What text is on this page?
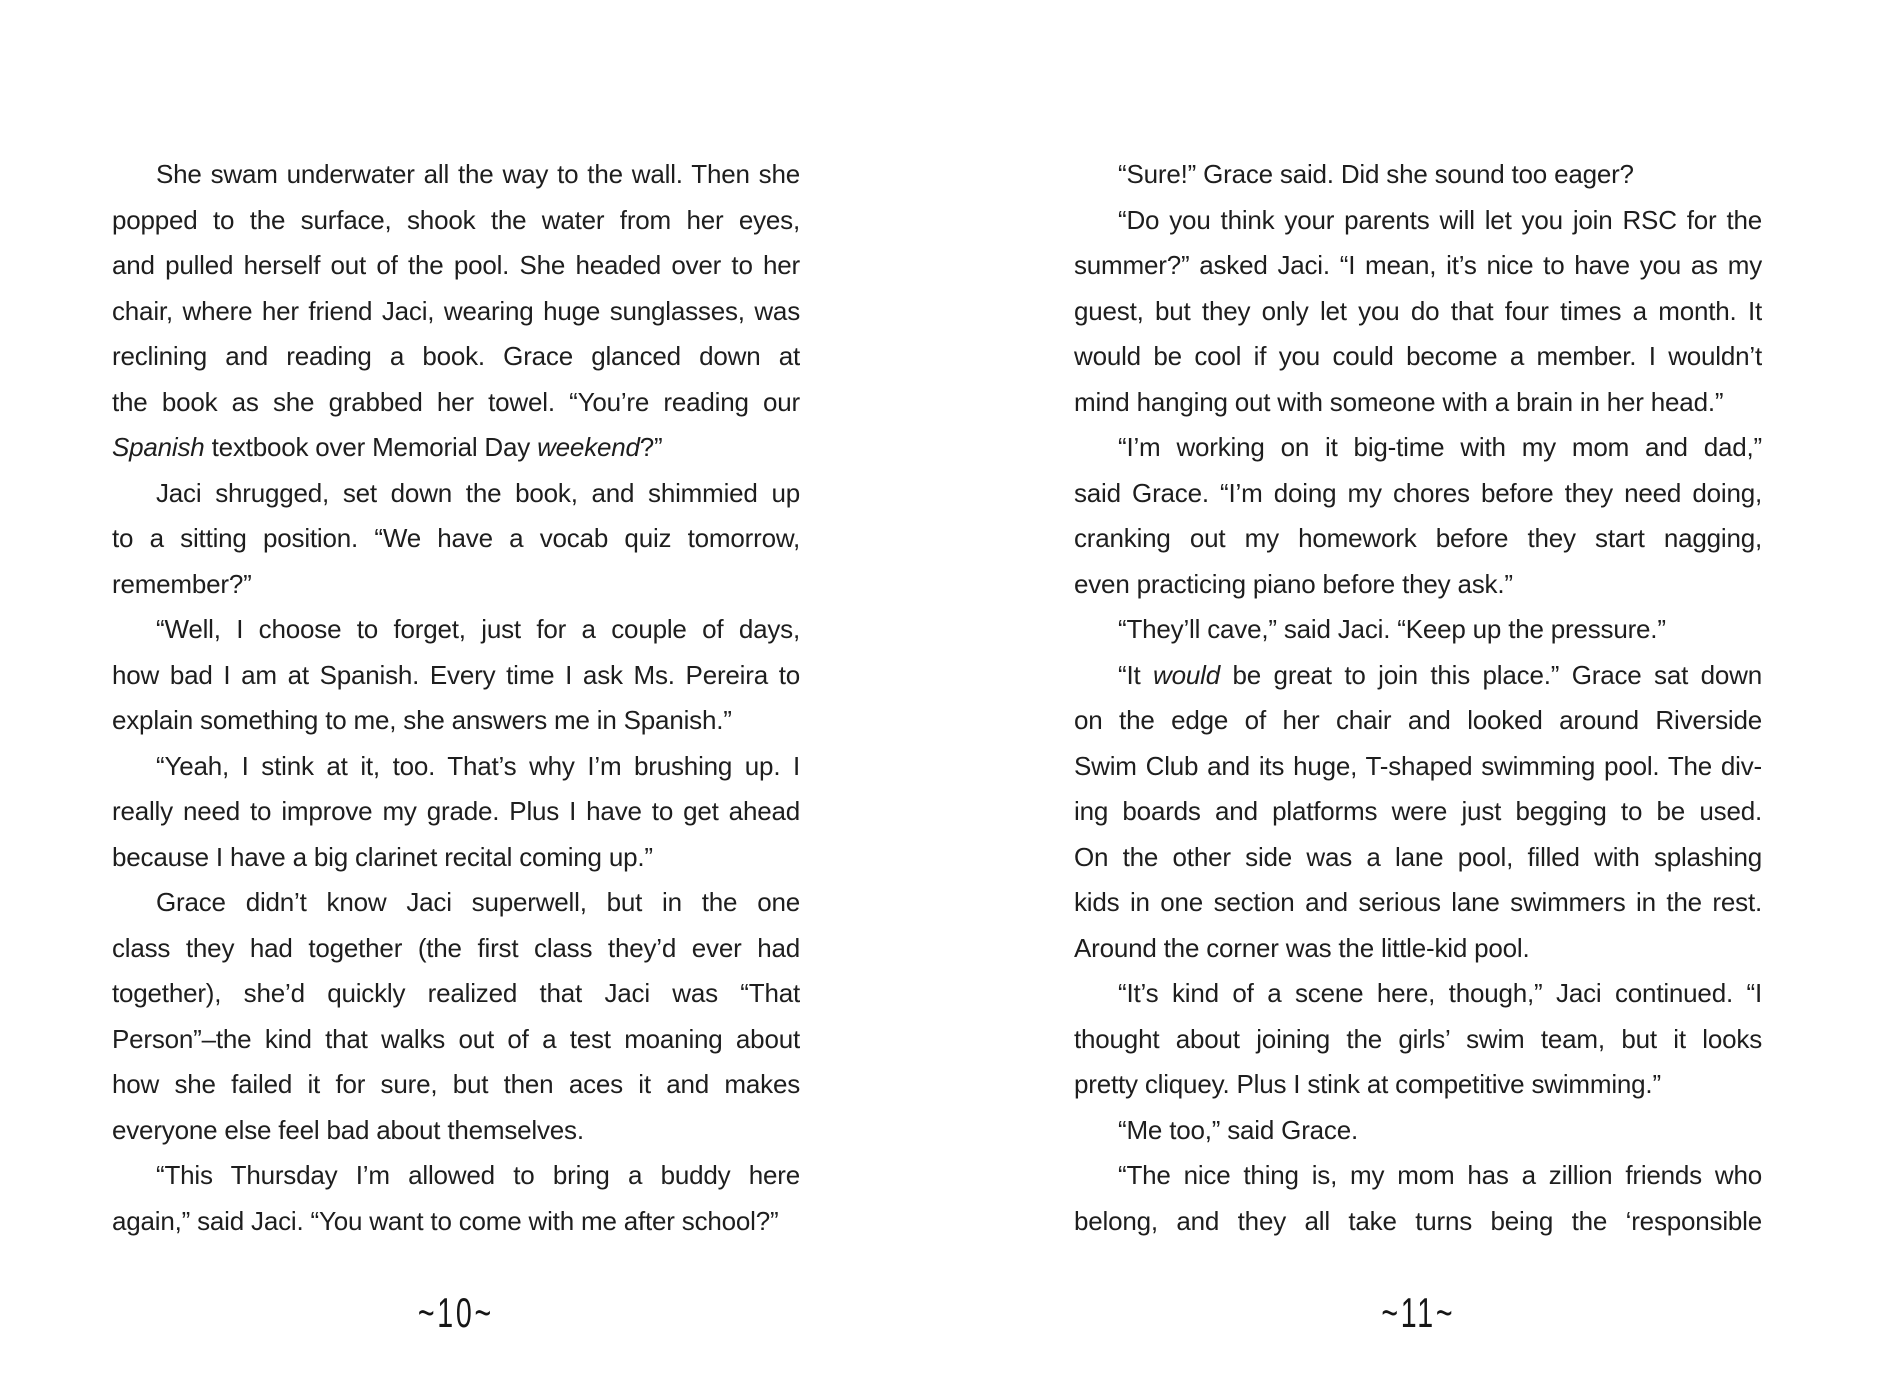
She swam underwater all the way to the wall. Then she
popped to the surface, shook the water from her eyes,
and pulled herself out of the pool. She headed over to her
chair, where her friend Jaci, wearing huge sunglasses, was
reclining and reading a book. Grace glanced down at
the book as she grabbed her towel. “You’re reading our
Spanish textbook over Memorial Day weekend?”
Jaci shrugged, set down the book, and shimmied up
to a sitting position. “We have a vocab quiz tomorrow,
remember?”
“Well, I choose to forget, just for a couple of days,
how bad I am at Spanish. Every time I ask Ms. Pereira to
explain something to me, she answers me in Spanish.”
“Yeah, I stink at it, too. That’s why I’m brushing up. I
really need to improve my grade. Plus I have to get ahead
because I have a big clarinet recital coming up.”
Grace didn’t know Jaci superwell, but in the one
class they had together (the first class they’d ever had
together), she’d quickly realized that Jaci was “That
Person”–the kind that walks out of a test moaning about
how she failed it for sure, but then aces it and makes
everyone else feel bad about themselves.
“This Thursday I’m allowed to bring a buddy here
again,” said Jaci. “You want to come with me after school?”
“Sure!” Grace said. Did she sound too eager?
“Do you think your parents will let you join RSC for the
summer?” asked Jaci. “I mean, it’s nice to have you as my
guest, but they only let you do that four times a month. It
would be cool if you could become a member. I wouldn’t
mind hanging out with someone with a brain in her head.”
“I’m working on it big-time with my mom and dad,”
said Grace. “I’m doing my chores before they need doing,
cranking out my homework before they start nagging,
even practicing piano before they ask.”
“They’ll cave,” said Jaci. “Keep up the pressure.”
“It would be great to join this place.” Grace sat down
on the edge of her chair and looked around Riverside
Swim Club and its huge, T-shaped swimming pool. The div-
ing boards and platforms were just begging to be used.
On the other side was a lane pool, filled with splashing
kids in one section and serious lane swimmers in the rest.
Around the corner was the little-kid pool.
“It’s kind of a scene here, though,” Jaci continued. “I
thought about joining the girls’ swim team, but it looks
pretty cliquey. Plus I stink at competitive swimming.”
“Me too,” said Grace.
“The nice thing is, my mom has a zillion friends who
belong, and they all take turns being the ‘responsible
~10~	~11~
